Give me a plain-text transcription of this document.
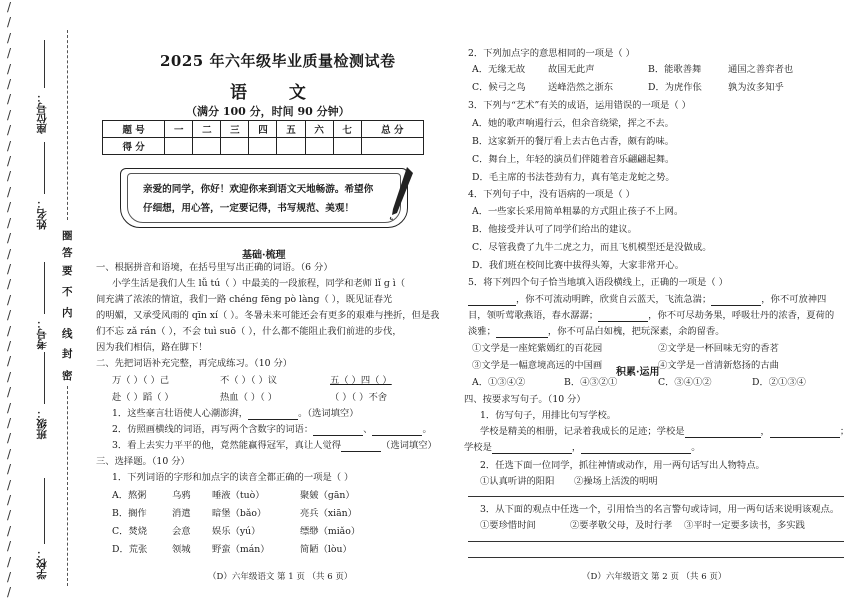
/
/
/
/
/
/
/
/
/
/
/
/
/
/
/
/
/
/
/
/
/
/
/
/
/
/
/
/
/
/
/
/
/
/
/
/
/
/
/
座位号：
姓名：
考号：
班级：
学校：
圈
答
要
不
内
线
封
密
2025 年六年级毕业质量检测试卷
语 文
（满分 100 分，时间 90 分钟）
题 号	一	二	三	四	五	六	七	总 分
得 分								
亲爱的同学，你好！欢迎你来到语文天地畅游。希望你
仔细想，用心答，一定要记得，书写规范、美观！
基础·梳理
一、根据拼音和语境，在括号里写出正确的词语。（6 分）
小学生活是我们人生 lǚ tú（ ）中最美的一段旅程，同学和老师 lǐ ɡ ì（
间充满了浓浓的情谊，我们一路 chénɡ fēnɡ pò lànɡ（ ），既见证春光
的明媚，又承受风雨的 qīn xí（ ）。冬暑未来可能还会有更多的艰难与挫折，但是我
们不忘 zǎ rán（ ），不会 tuì suō（ ），什么都不能阻止我们前进的步伐，
因为我们相信，路在脚下！
二、先把词语补充完整，再完成练习。（10 分）
万（ ）（ ）己	不（ ）（ ）议	五（ ）四（ ）
赴（ ）蹈（ ）	热血（ ）（ ）	（ ）（ ）不舍
1．这些豪言壮语使人心潮澎湃，	。（选词填空）
2．仿照画横线的词语，再写两个含数字的词语：	、	。
3．看上去实力平平的他，竟然能赢得冠军，真让人觉得	（选词填空）
三、选择题。（10 分）
1．下列词语的字形和加点字的读音全都正确的一项是（ ）
A．熬粥	乌鸦 唾液（tuò）	聚皴（ɡān）
B．搁作	消遣 暗堡（bǎo）	亮兵（xiān）
C．焚烧	会意 娱乐（yú）	缥缈（miǎo）
D．荒张	领城 野蛮（mán）	简陋（lòu）
（D）六年级语文 第 1 页 （共 6 页）
2．下列加点字的意思相同的一项是（ ）
A．无缘无故 故国无此声	B．能歌善舞	通国之善弈者也
C．候弓之鸟 送峰浩然之浙东	D．为虎作伥	孰为汝多知乎
3．下列与“艺术”有关的成语，运用错误的一项是（ ）
A．她的歌声响遏行云，但余音绕梁，挥之不去。
B．这家新开的餐厅看上去古色古香，颇有韵味。
C．舞台上，年轻的演员们伴随着音乐翩翩起舞。
D．毛主席的书法苍劲有力，真有笔走龙蛇之势。
4．下列句子中，没有语病的一项是（ ）
A．一些家长采用简单粗暴的方式阻止孩子不上网。
B．他接受并认可了同学们给出的建议。
C．尽管我费了九牛二虎之力，而且飞机模型还是没做成。
D．我们班在校间比赛中拔得头筹，大家非常开心。
5．将下列四个句子恰当地填入语段横线上，正确的一项是（ ）
，你不可流动明眸，欣赏自云蓝天，飞流急湍；	，你不可放神四
目，领听莺歌燕语，春水潺潺；	，你不可尽劫务果，呼吸壮丹的浓香，夏荷的
淡雅；	，你不可品白如槐，把玩深素，余韵留香。
①文学是一座姹紫嫣红的百花园	②文学是一杯回味无穷的香茗
③文学是一幅意境高远的中国画	④文学是一首清新悠扬的古曲
A．①③④②	B．④③②①	C．③④①②	D．②①③④
积累·运用
四、按要求写句子。（10 分）
1．仿写句子，用排比句写学校。
学校是精美的相册，记录着我成长的足迹；学校是	，	；
学校是	，	。
2．任选下面一位同学，抓往神情或动作，用一两句话写出人物特点。
①认真听讲的阳阳 ②操场上活泼的明明
3．从下面的观点中任选一个，引用恰当的名言警句或诗词，用一两句话来说明该观点。
①要珍惜时间	②要孝敬父母，及时行孝 ③平时一定要多读书，多实践
（D）六年级语文 第 2 页 （共 6 页）
